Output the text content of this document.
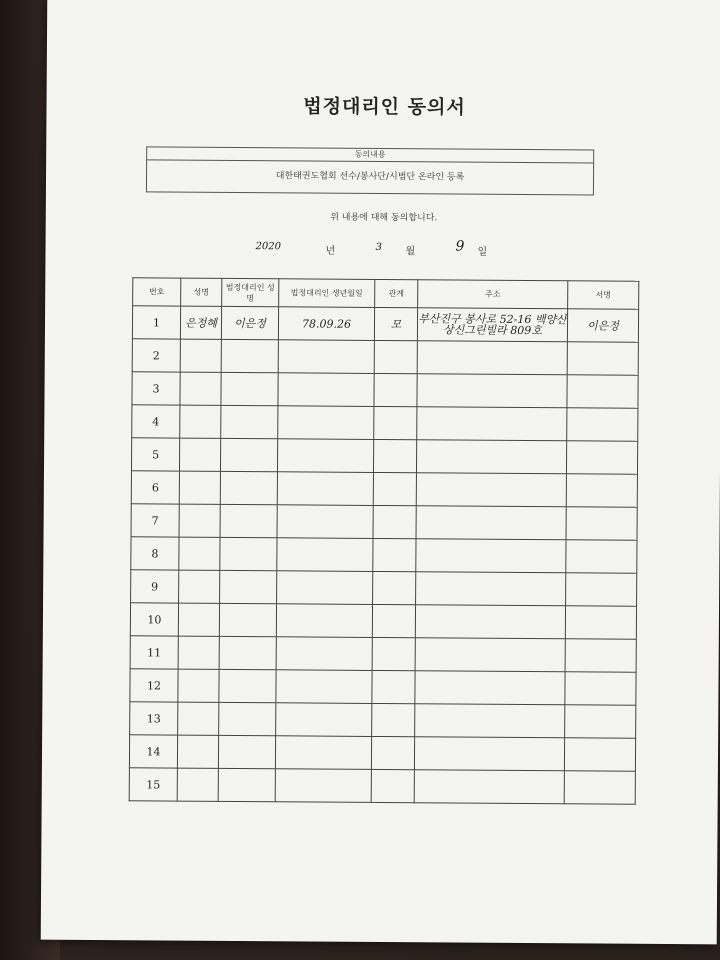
법정대리인 동의서
동의내용
대한태권도협회 선수/봉사단/시범단 온라인 등록
위 내용에 대해 동의합니다.
2020	년	3 월	9 일
번호	성명	법정대리인 성명	법정대리인 생년월일	관계	주소	서명
1	은정혜	이은정	78.09.26	모	부산진구 봉사로 52-16 백양산상신그린빌라 809호	이은정
2						
3						
4						
5						
6						
7						
8						
9						
10						
11						
12						
13						
14						
15						
